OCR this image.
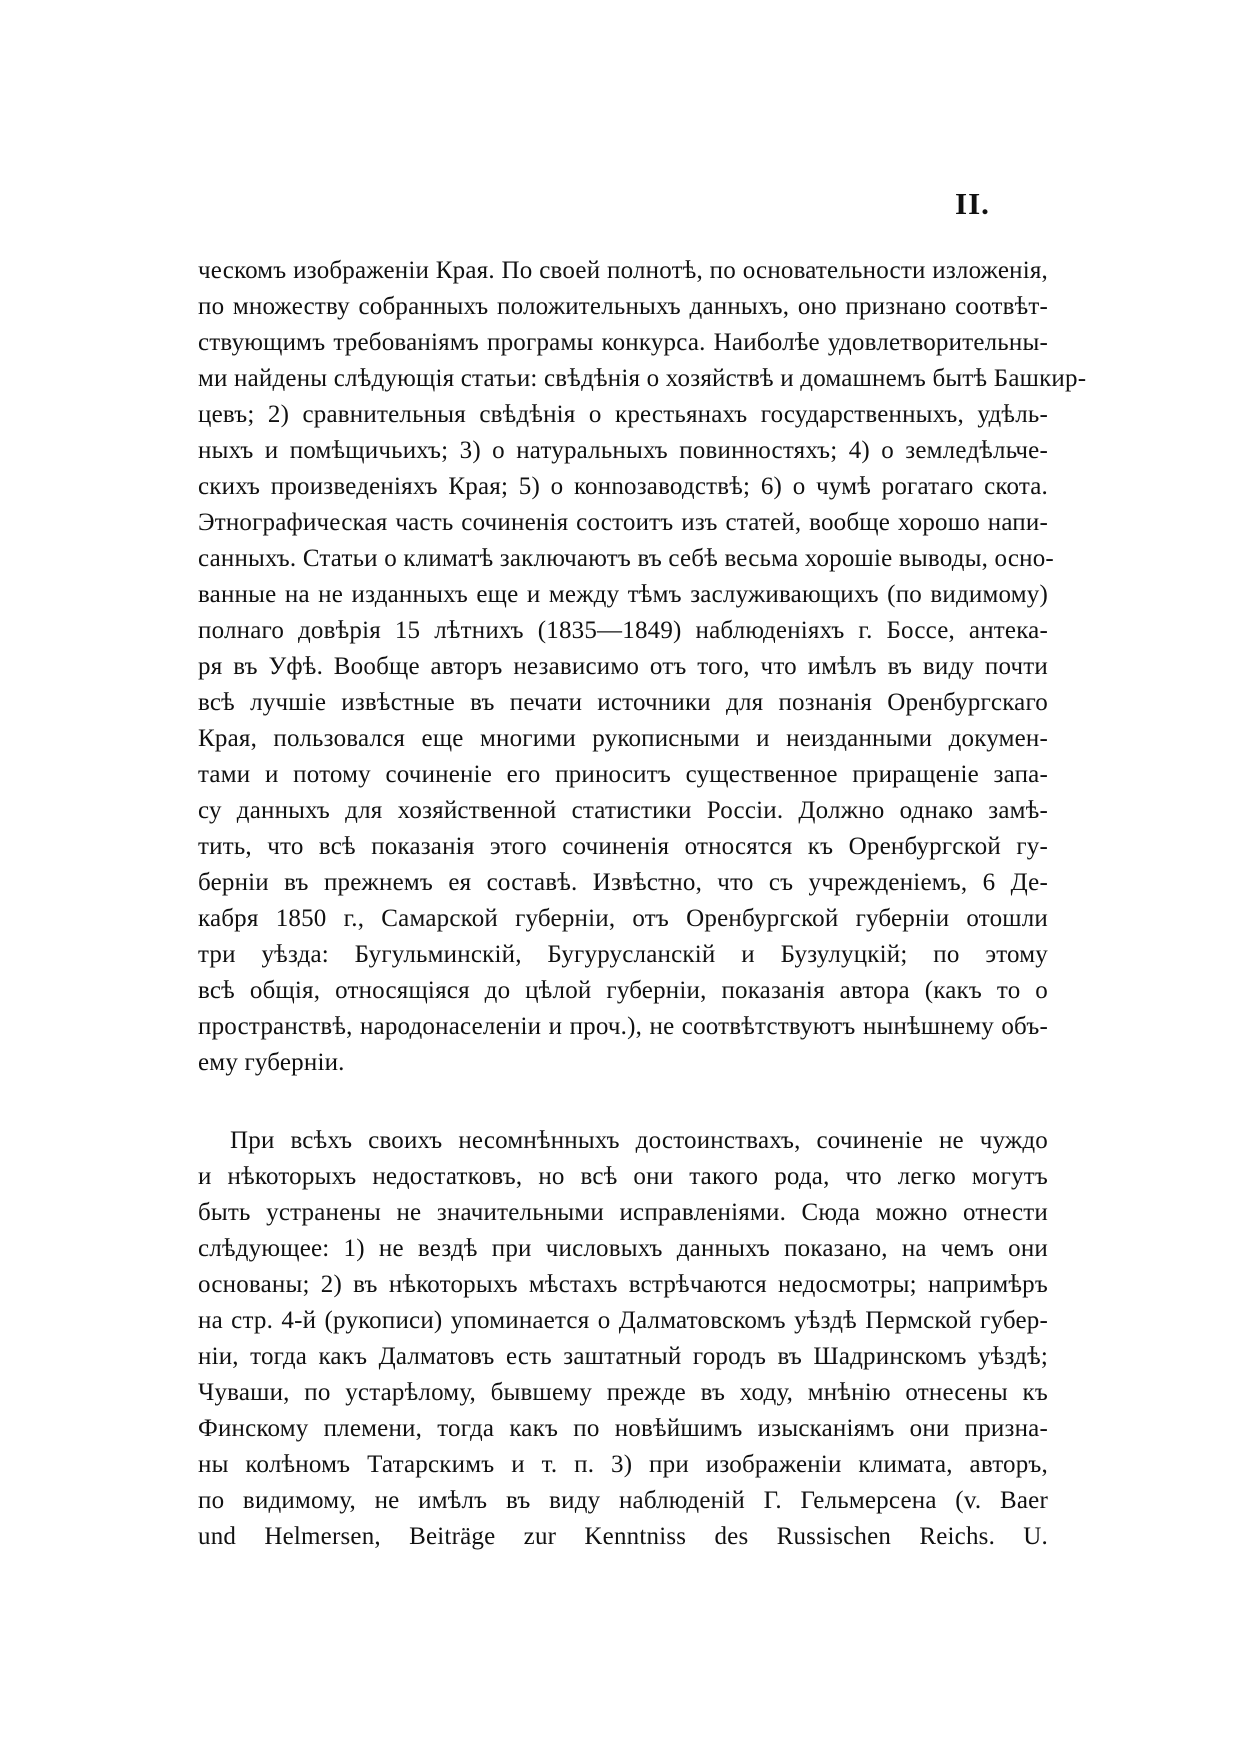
II.
ческомъ изображеніи Края. По своей полнотѣ, по основательности изложенія,
по множеству собранныхъ положительныхъ данныхъ, оно признано соотвѣт-
ствующимъ требованіямъ програмы конкурса. Наиболѣе удовлетворительны-
ми найдены слѣдующія статьи: свѣдѣнія о хозяйствѣ и домашнемъ бытѣ Башкир-
цевъ; 2) сравнительныя свѣдѣнія о крестьянахъ государственныхъ, удѣль-
ныхъ и помѣщичьихъ; 3) о натуральныхъ повинностяхъ; 4) о земледѣльче-
скихъ произведеніяхъ Края; 5) о конnозаводствѣ; 6) о чумѣ рогатаго скота.
Этнографическая часть сочиненія состоитъ изъ статей, вообще хорошо напи-
санныхъ. Статьи о климатѣ заключаютъ въ себѣ весьма хорошіе выводы, осно-
ванные на не изданныхъ еще и между тѣмъ заслуживающихъ (по видимому)
полнаго довѣрія 15 лѣтнихъ (1835—1849) наблюденіяхъ г. Боссе, антека-
ря въ Уфѣ. Вообще авторъ независимо отъ того, что имѣлъ въ виду почти
всѣ лучшіе извѣстные въ печати источники для познанія Оренбургскаго
Края, пользовался еще многими рукописными и неизданными докумен-
тами и потому сочиненіе его приноситъ существенное приращеніе запа-
су данныхъ для хозяйственной статистики Россіи. Должно однако замѣ-
тить, что всѣ показанія этого сочиненія относятся къ Оренбургской гу-
берніи въ прежнемъ ея составѣ. Извѣстно, что съ учрежденіемъ, 6 Де-
кабря 1850 г., Самарской губерніи, отъ Оренбургской губерніи отошли
три уѣзда: Бугульминскій, Бугурусланскій и Бузулуцкій; по этому
всѣ общія, относящіяся до цѣлой губерніи, показанія автора (какъ то о
пространствѣ, народонаселеніи и проч.), не соотвѣтствуютъ нынѣшнему объ-
ему губерніи.
При всѣхъ своихъ несомнѣнныхъ достоинствахъ, сочиненіе не чуждо
и нѣкоторыхъ недостатковъ, но всѣ они такого рода, что легко могутъ
быть устранены не значительными исправленіями. Сюда можно отнести
слѣдующее: 1) не вездѣ при числовыхъ данныхъ показано, на чемъ они
основаны; 2) въ нѣкоторыхъ мѣстахъ встрѣчаются недосмотры; напримѣръ
на стр. 4-й (рукописи) упоминается о Далматовскомъ уѣздѣ Пермской губер-
ніи, тогда какъ Далматовъ есть заштатный городъ въ Шадринскомъ уѣздѣ;
Чуваши, по устарѣлому, бывшему прежде въ ходу, мнѣнію отнесены къ
Финскому племени, тогда какъ по новѣйшимъ изысканіямъ они призна-
ны колѣномъ Татарскимъ и т. п. 3) при изображеніи климата, авторъ,
по видимому, не имѣлъ въ виду наблюденій Г. Гельмерсена (v. Baer
und Helmersen, Beiträge zur Kenntniss des Russischen Reichs. U.
